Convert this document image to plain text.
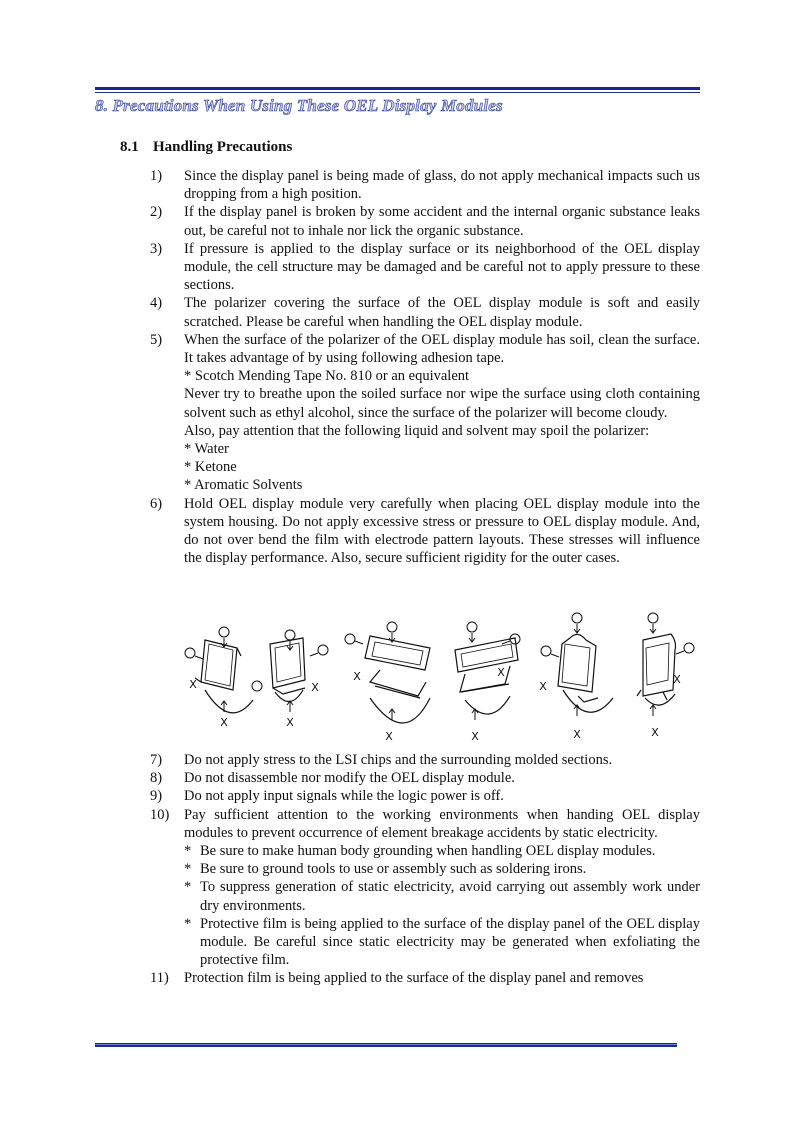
8. Precautions When Using These OEL Display Modules
8.1 Handling Precautions
1)	Since the display panel is being made of glass, do not apply mechanical impacts such us dropping from a high position.
2)	If the display panel is broken by some accident and the internal organic substance leaks out, be careful not to inhale nor lick the organic substance.
3)	If pressure is applied to the display surface or its neighborhood of the OEL display module, the cell structure may be damaged and be careful not to apply pressure to these sections.
4)	The polarizer covering the surface of the OEL display module is soft and easily scratched. Please be careful when handling the OEL display module.
5)	When the surface of the polarizer of the OEL display module has soil, clean the surface. It takes advantage of by using following adhesion tape.
* Scotch Mending Tape No. 810 or an equivalent
Never try to breathe upon the soiled surface nor wipe the surface using cloth containing solvent such as ethyl alcohol, since the surface of the polarizer will become cloudy.
Also, pay attention that the following liquid and solvent may spoil the polarizer:
* Water
* Ketone
* Aromatic Solvents
6)	Hold OEL display module very carefully when placing OEL display module into the system housing. Do not apply excessive stress or pressure to OEL display module. And, do not over bend the film with electrode pattern layouts. These stresses will influence the display performance. Also, secure sufficient rigidity for the outer cases.
X	X
X	X
X
X
X	X
X	X	X	X
7)	Do not apply stress to the LSI chips and the surrounding molded sections.
8)	Do not disassemble nor modify the OEL display module.
9)	Do not apply input signals while the logic power is off.
10)	Pay sufficient attention to the working environments when handing OEL display modules to prevent occurrence of element breakage accidents by static electricity.
* Be sure to make human body grounding when handling OEL display modules.
* Be sure to ground tools to use or assembly such as soldering irons.
* To suppress generation of static electricity, avoid carrying out assembly work under dry environments.
* Protective film is being applied to the surface of the display panel of the OEL display module. Be careful since static electricity may be generated when exfoliating the protective film.
11)	Protection film is being applied to the surface of the display panel and removes
